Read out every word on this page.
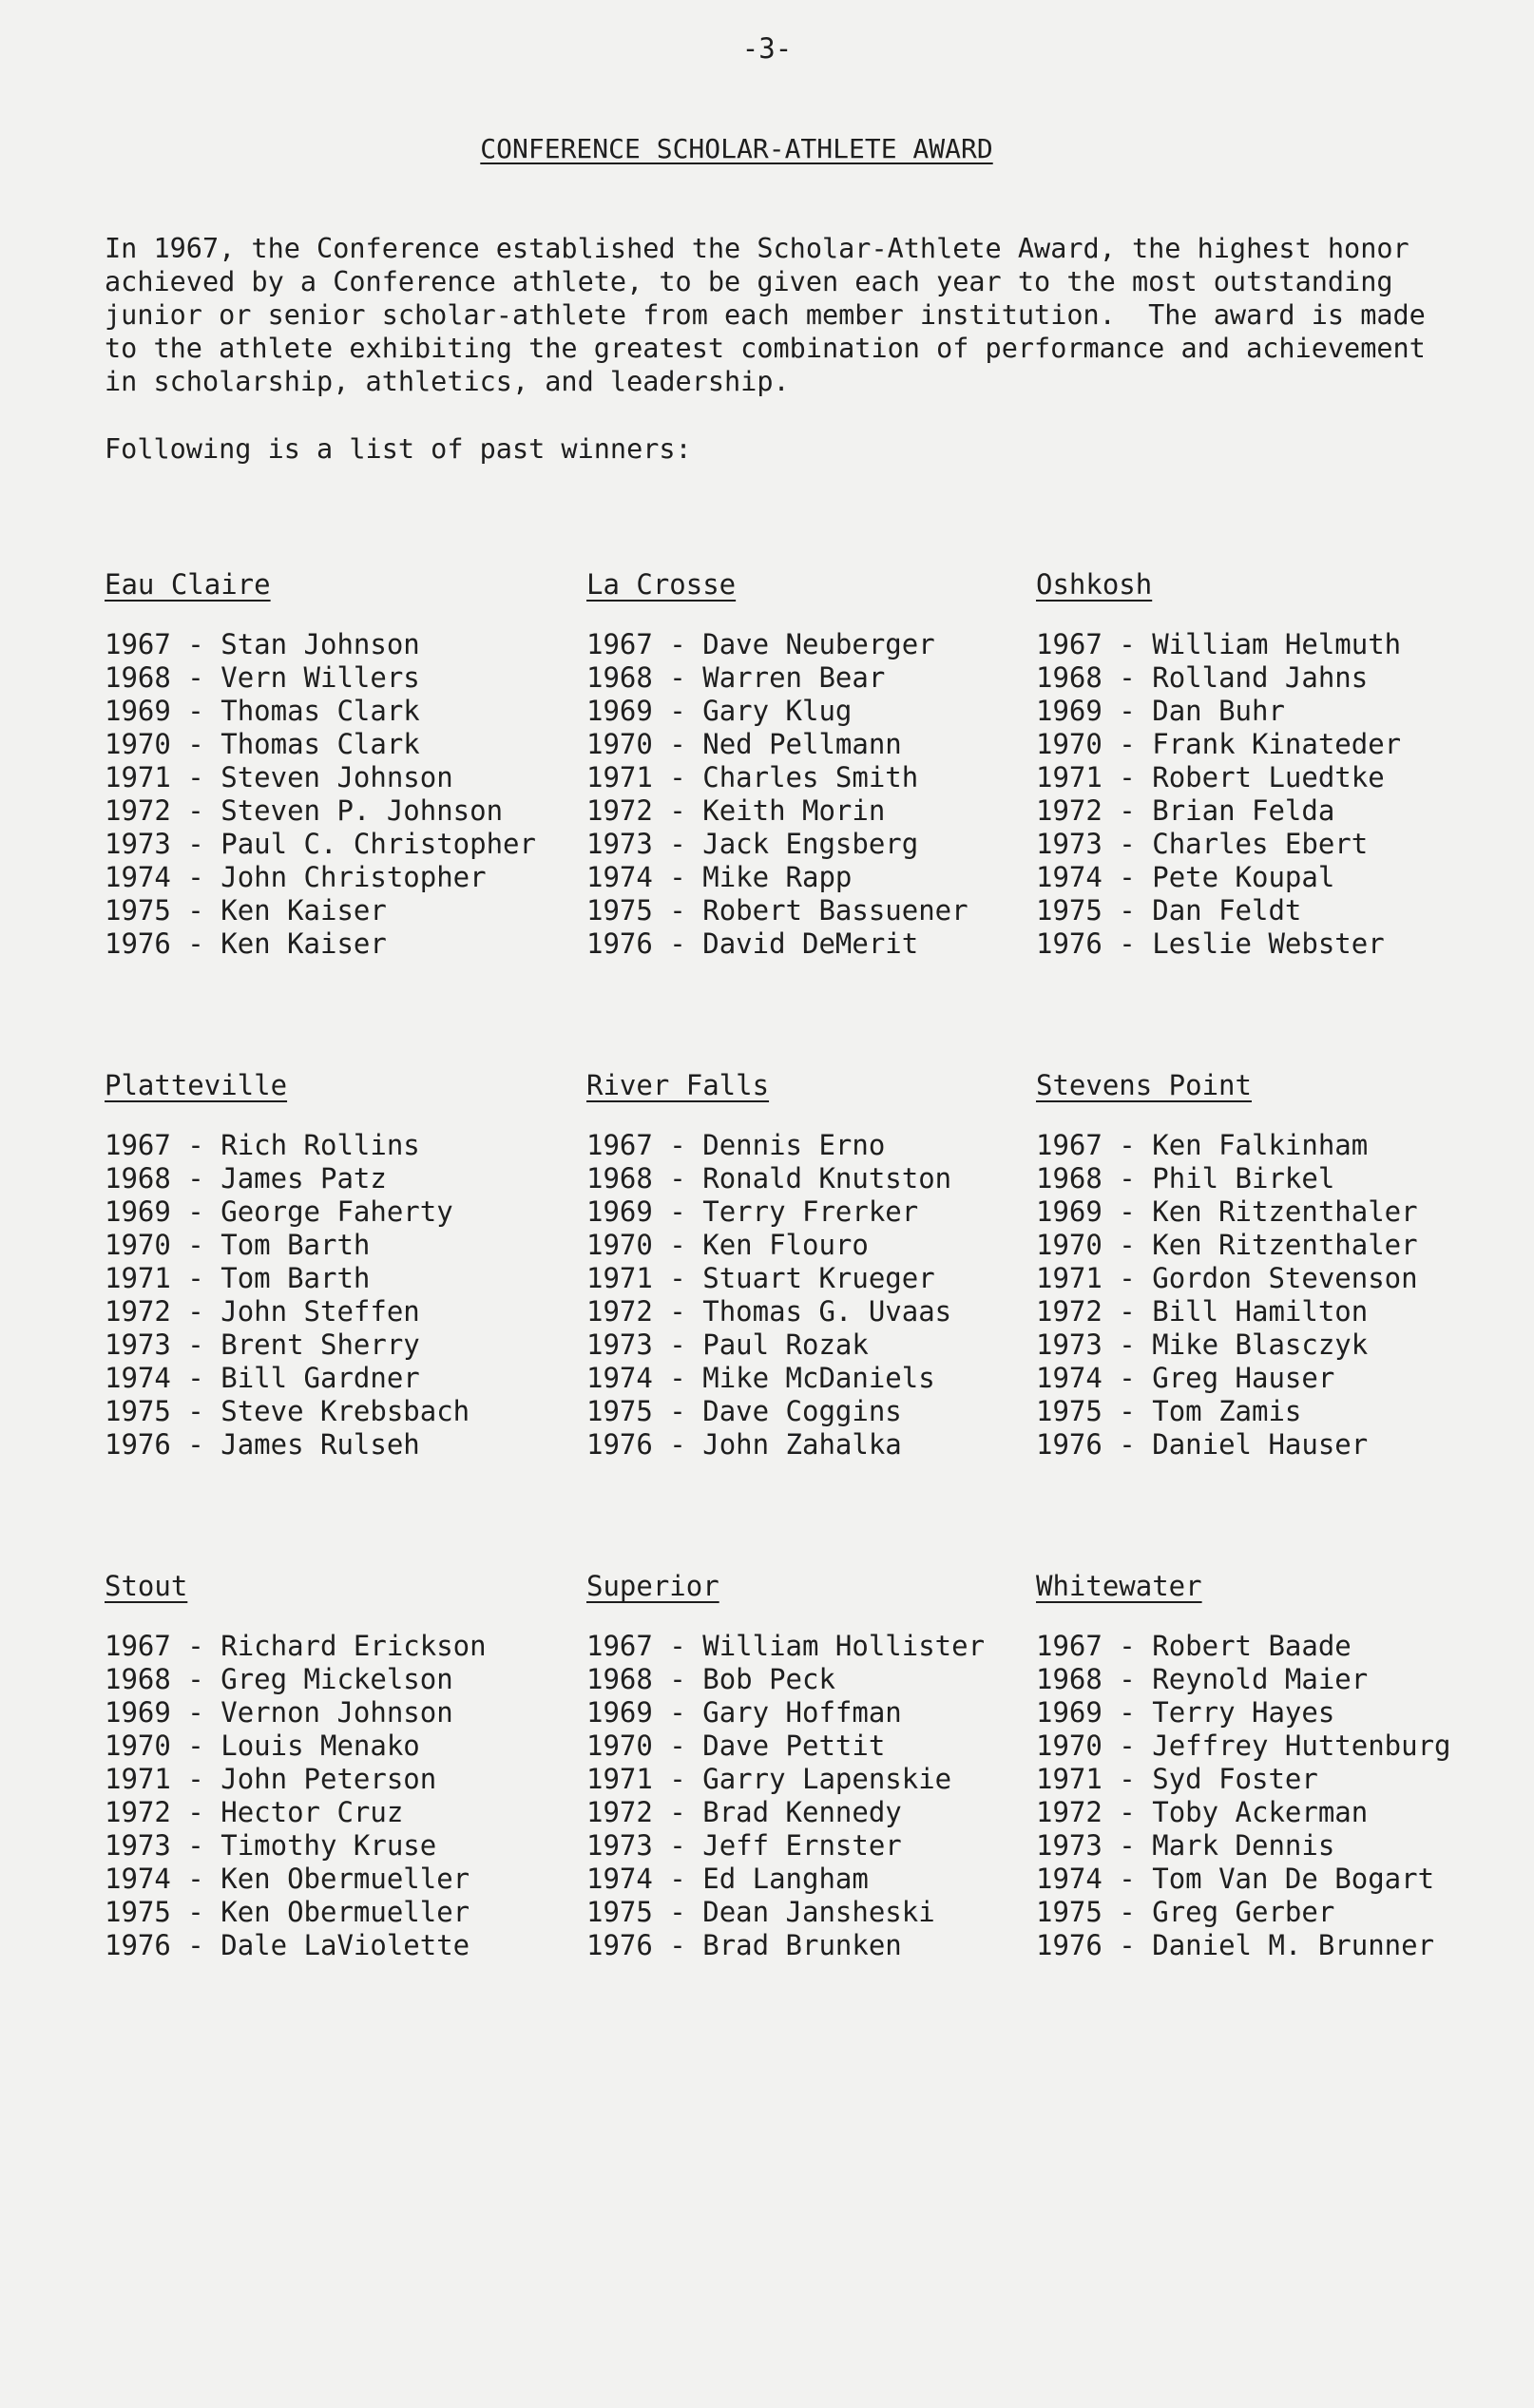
-3-
CONFERENCE SCHOLAR-ATHLETE AWARD

In 1967, the Conference established the Scholar-Athlete Award, the highest honor
achieved by a Conference athlete, to be given each year to the most outstanding
junior or senior scholar-athlete from each member institution.  The award is made
to the athlete exhibiting the greatest combination of performance and achievement
in scholarship, athletics, and leadership.

Following is a list of past winners:

Eau Claire
1967 - Stan Johnson
1968 - Vern Willers
1969 - Thomas Clark
1970 - Thomas Clark
1971 - Steven Johnson
1972 - Steven P. Johnson
1973 - Paul C. Christopher
1974 - John Christopher
1975 - Ken Kaiser
1976 - Ken Kaiser
La Crosse
1967 - Dave Neuberger
1968 - Warren Bear
1969 - Gary Klug
1970 - Ned Pellmann
1971 - Charles Smith
1972 - Keith Morin
1973 - Jack Engsberg
1974 - Mike Rapp
1975 - Robert Bassuener
1976 - David DeMerit
Oshkosh
1967 - William Helmuth
1968 - Rolland Jahns
1969 - Dan Buhr
1970 - Frank Kinateder
1971 - Robert Luedtke
1972 - Brian Felda
1973 - Charles Ebert
1974 - Pete Koupal
1975 - Dan Feldt
1976 - Leslie Webster
Platteville
1967 - Rich Rollins
1968 - James Patz
1969 - George Faherty
1970 - Tom Barth
1971 - Tom Barth
1972 - John Steffen
1973 - Brent Sherry
1974 - Bill Gardner
1975 - Steve Krebsbach
1976 - James Rulseh
River Falls
1967 - Dennis Erno
1968 - Ronald Knutston
1969 - Terry Frerker
1970 - Ken Flouro
1971 - Stuart Krueger
1972 - Thomas G. Uvaas
1973 - Paul Rozak
1974 - Mike McDaniels
1975 - Dave Coggins
1976 - John Zahalka
Stevens Point
1967 - Ken Falkinham
1968 - Phil Birkel
1969 - Ken Ritzenthaler
1970 - Ken Ritzenthaler
1971 - Gordon Stevenson
1972 - Bill Hamilton
1973 - Mike Blasczyk
1974 - Greg Hauser
1975 - Tom Zamis
1976 - Daniel Hauser
Stout
1967 - Richard Erickson
1968 - Greg Mickelson
1969 - Vernon Johnson
1970 - Louis Menako
1971 - John Peterson
1972 - Hector Cruz
1973 - Timothy Kruse
1974 - Ken Obermueller
1975 - Ken Obermueller
1976 - Dale LaViolette
Superior
1967 - William Hollister
1968 - Bob Peck
1969 - Gary Hoffman
1970 - Dave Pettit
1971 - Garry Lapenskie
1972 - Brad Kennedy
1973 - Jeff Ernster
1974 - Ed Langham
1975 - Dean Jansheski
1976 - Brad Brunken
Whitewater
1967 - Robert Baade
1968 - Reynold Maier
1969 - Terry Hayes
1970 - Jeffrey Huttenburg
1971 - Syd Foster
1972 - Toby Ackerman
1973 - Mark Dennis
1974 - Tom Van De Bogart
1975 - Greg Gerber
1976 - Daniel M. Brunner
